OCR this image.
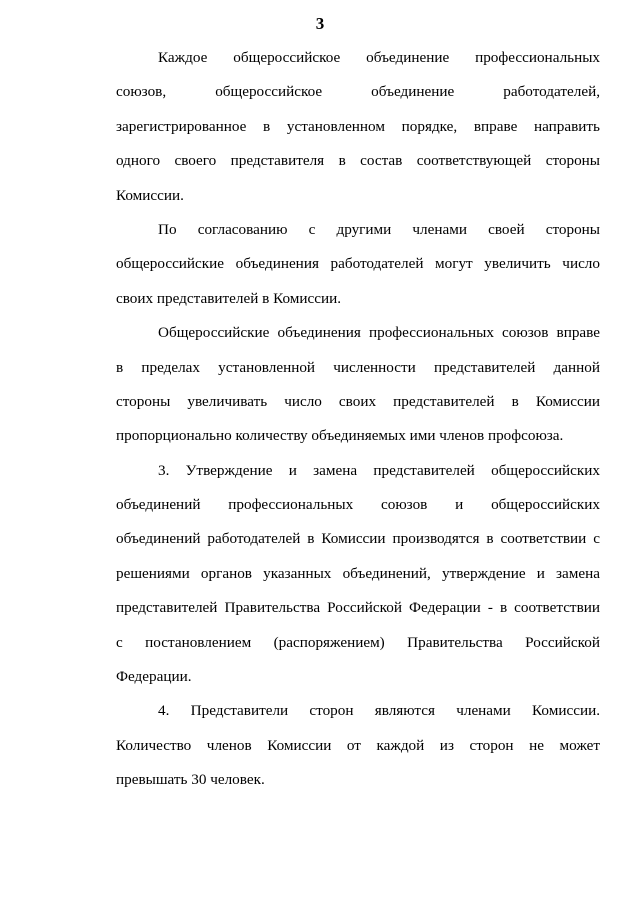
3
Каждое общероссийское объединение профессиональных
союзов, общероссийское объединение работодателей,
зарегистрированное в установленном порядке, вправе направить
одного своего представителя в состав соответствующей стороны
Комиссии.
По согласованию с другими членами своей стороны
общероссийские объединения работодателей могут увеличить число
своих представителей в Комиссии.
Общероссийские объединения профессиональных союзов вправе
в пределах установленной численности представителей данной
стороны увеличивать число своих представителей в Комиссии
пропорционально количеству объединяемых ими членов профсоюза.
3. Утверждение и замена представителей общероссийских
объединений профессиональных союзов и общероссийских
объединений работодателей в Комиссии производятся в соответствии с
решениями органов указанных объединений, утверждение и замена
представителей Правительства Российской Федерации - в соответствии
с постановлением (распоряжением) Правительства Российской
Федерации.
4. Представители сторон являются членами Комиссии.
Количество членов Комиссии от каждой из сторон не может
превышать 30 человек.
